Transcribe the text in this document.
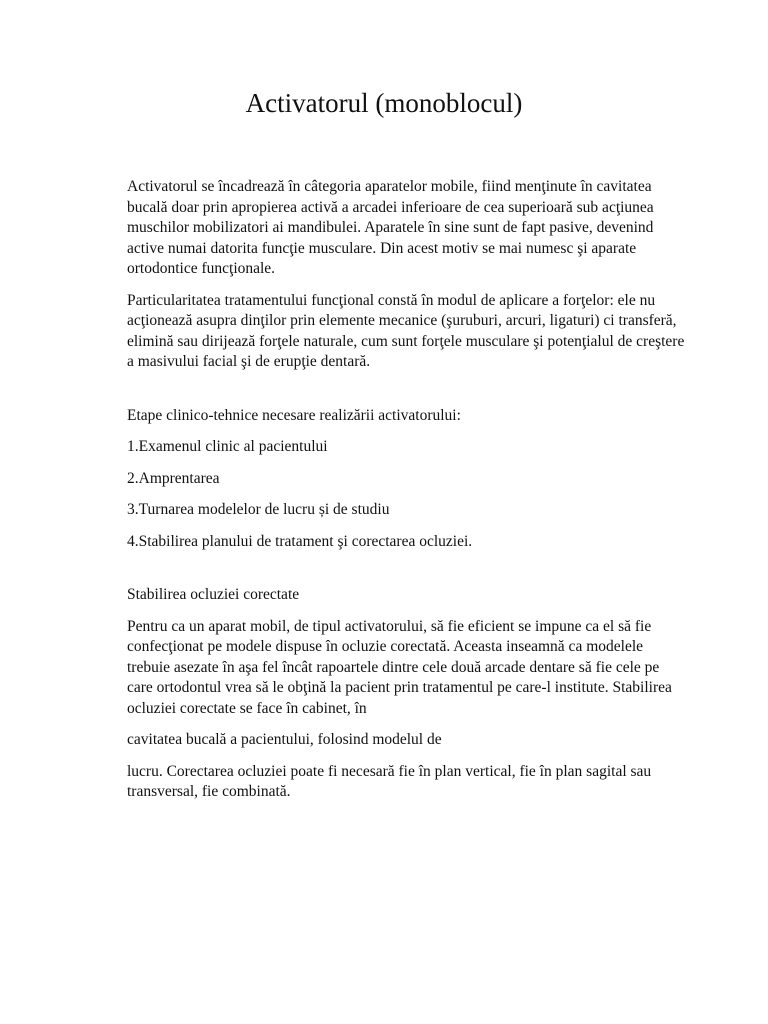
Activatorul (monoblocul)

Activatorul se încadrează în câtegoria aparatelor mobile, fiind menţinute în cavitatea bucală doar prin apropierea activă a arcadei inferioare de cea superioară sub acţiunea muschilor mobilizatori ai mandibulei. Aparatele în sine sunt de fapt pasive, devenind active numai datorita funcţie musculare. Din acest motiv se mai numesc şi aparate ortodontice funcţionale.

Particularitatea tratamentului funcţional constă în modul de aplicare a forţelor: ele nu acţionează asupra dinţilor prin elemente mecanice (şuruburi, arcuri, ligaturi) ci transferă, elimină sau dirijează forţele naturale, cum sunt forţele musculare şi potenţialul de creştere a masivului facial şi de erupţie dentară.

Etape clinico-tehnice necesare realizării activatorului:

1.Examenul clinic al pacientului

2.Amprentarea

3.Turnarea modelelor de lucru și de studiu

4.Stabilirea planului de tratament şi corectarea ocluziei.

Stabilirea ocluziei corectate

Pentru ca un aparat mobil, de tipul activatorului, să fie eficient se impune ca el să fie confecţionat pe modele dispuse în ocluzie corectată. Aceasta inseamnă ca modelele trebuie asezate în aşa fel încât rapoartele dintre cele două arcade dentare să fie cele pe care ortodontul vrea să le obţină la pacient prin tratamentul pe care-l institute. Stabilirea ocluziei corectate se face în cabinet, în

cavitatea bucală a pacientului, folosind modelul de

lucru. Corectarea ocluziei poate fi necesară fie în plan vertical, fie în plan sagital sau transversal, fie combinată.
